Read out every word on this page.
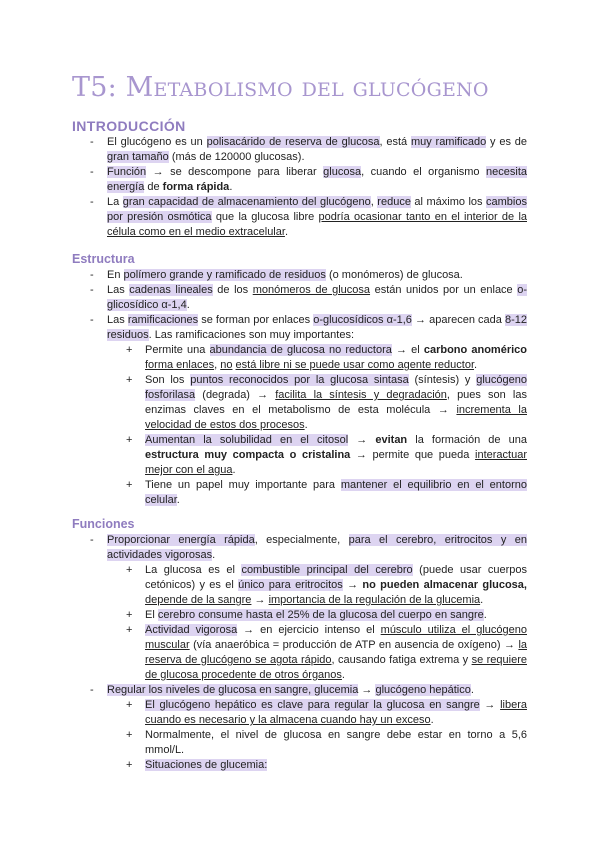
T5: Metabolismo del glucógeno
INTRODUCCIÓN
- El glucógeno es un polisacárido de reserva de glucosa, está muy ramificado y es de gran tamaño (más de 120000 glucosas).
- Función → se descompone para liberar glucosa, cuando el organismo necesita energía de forma rápida.
- La gran capacidad de almacenamiento del glucógeno, reduce al máximo los cambios por presión osmótica que la glucosa libre podría ocasionar tanto en el interior de la célula como en el medio extracelular.
Estructura
- En polímero grande y ramificado de residuos (o monómeros) de glucosa.
- Las cadenas lineales de los monómeros de glucosa están unidos por un enlace o-glicosídico α-1,4.
- Las ramificaciones se forman por enlaces o-glucosídicos α-1,6 → aparecen cada 8-12 residuos. Las ramificaciones son muy importantes:
+ Permite una abundancia de glucosa no reductora → el carbono anomérico forma enlaces, no está libre ni se puede usar como agente reductor.
+ Son los puntos reconocidos por la glucosa sintasa (síntesis) y glucógeno fosforilasa (degrada) → facilita la síntesis y degradación, pues son las enzimas claves en el metabolismo de esta molécula → incrementa la velocidad de estos dos procesos.
+ Aumentan la solubilidad en el citosol → evitan la formación de una estructura muy compacta o cristalina → permite que pueda interactuar mejor con el agua.
+ Tiene un papel muy importante para mantener el equilibrio en el entorno celular.
Funciones
- Proporcionar energía rápida, especialmente, para el cerebro, eritrocitos y en actividades vigorosas.
+ La glucosa es el combustible principal del cerebro (puede usar cuerpos cetónicos) y es el único para eritrocitos → no pueden almacenar glucosa, depende de la sangre → importancia de la regulación de la glucemia.
+ El cerebro consume hasta el 25% de la glucosa del cuerpo en sangre.
+ Actividad vigorosa → en ejercicio intenso el músculo utiliza el glucógeno muscular (vía anaeróbica = producción de ATP en ausencia de oxígeno) → la reserva de glucógeno se agota rápido, causando fatiga extrema y se requiere de glucosa procedente de otros órganos.
- Regular los niveles de glucosa en sangre, glucemia → glucógeno hepático.
+ El glucógeno hepático es clave para regular la glucosa en sangre → libera cuando es necesario y la almacena cuando hay un exceso.
+ Normalmente, el nivel de glucosa en sangre debe estar en torno a 5,6 mmol/L.
+ Situaciones de glucemia:
